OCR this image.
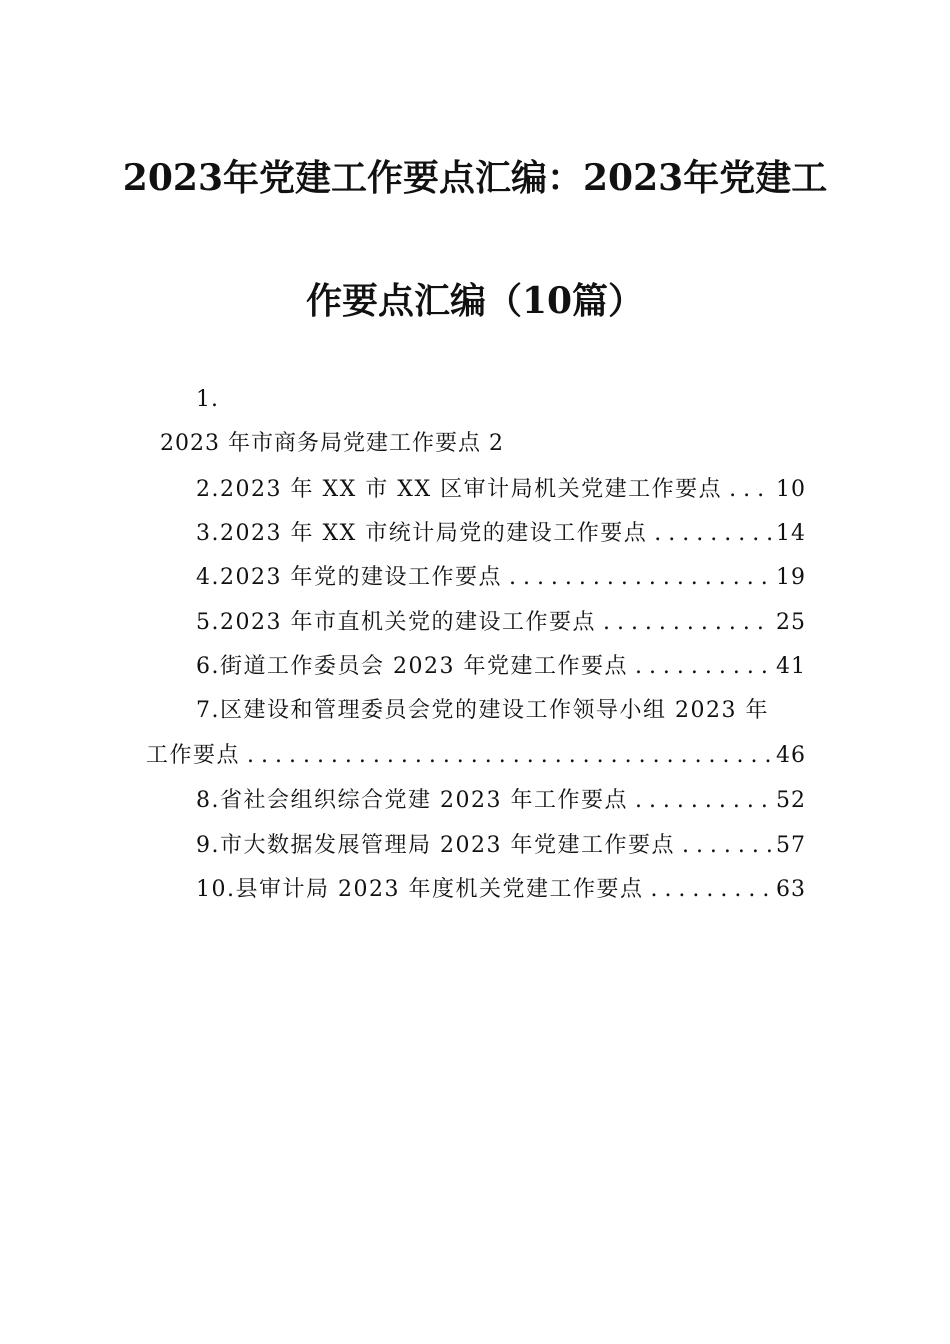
2023年党建工作要点汇编：2023年党建工
作要点汇编（10篇）
1.
2023 年市商务局党建工作要点 2
2.2023 年 XX 市 XX 区审计局机关党建工作要点 . . .	10
3.2023 年 XX 市统计局党的建设工作要点 . . .	14
4.2023 年党的建设工作要点 . . .	19
5.2023 年市直机关党的建设工作要点 . . .	25
6.街道工作委员会 2023 年党建工作要点 . . .	41
7.区建设和管理委员会党的建设工作领导小组 2023 年
工作要点 . . .	46
8.省社会组织综合党建 2023 年工作要点 . . .	52
9.市大数据发展管理局 2023 年党建工作要点 . . .	57
10.县审计局 2023 年度机关党建工作要点 . . .	63
